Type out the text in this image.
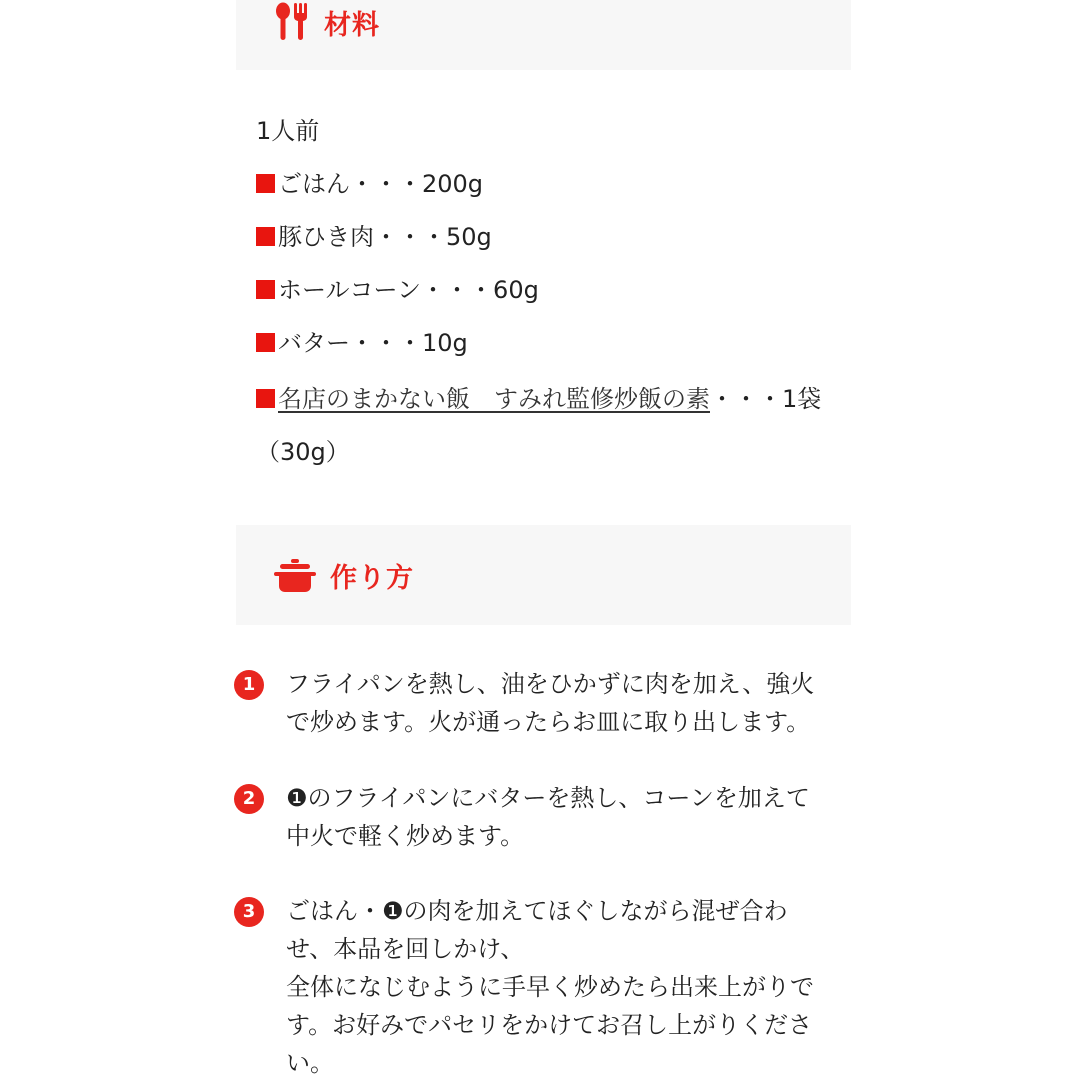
材料
1人前
ごはん・・・200g
豚ひき肉・・・50g
ホールコーン・・・60g
バター・・・10g
名店のまかない飯　すみれ監修炒飯の素・・・1袋（30g）
作り方
1	フライパンを熱し、油をひかずに肉を加え、強火
で炒めます。火が通ったらお皿に取り出します。
2	❶のフライパンにバターを熱し、コーンを加えて
中火で軽く炒めます。
3	ごはん・❶の肉を加えてほぐしながら混ぜ合わ
せ、本品を回しかけ、
全体になじむように手早く炒めたら出来上がりで
す。お好みでパセリをかけてお召し上がりくださ
い。
